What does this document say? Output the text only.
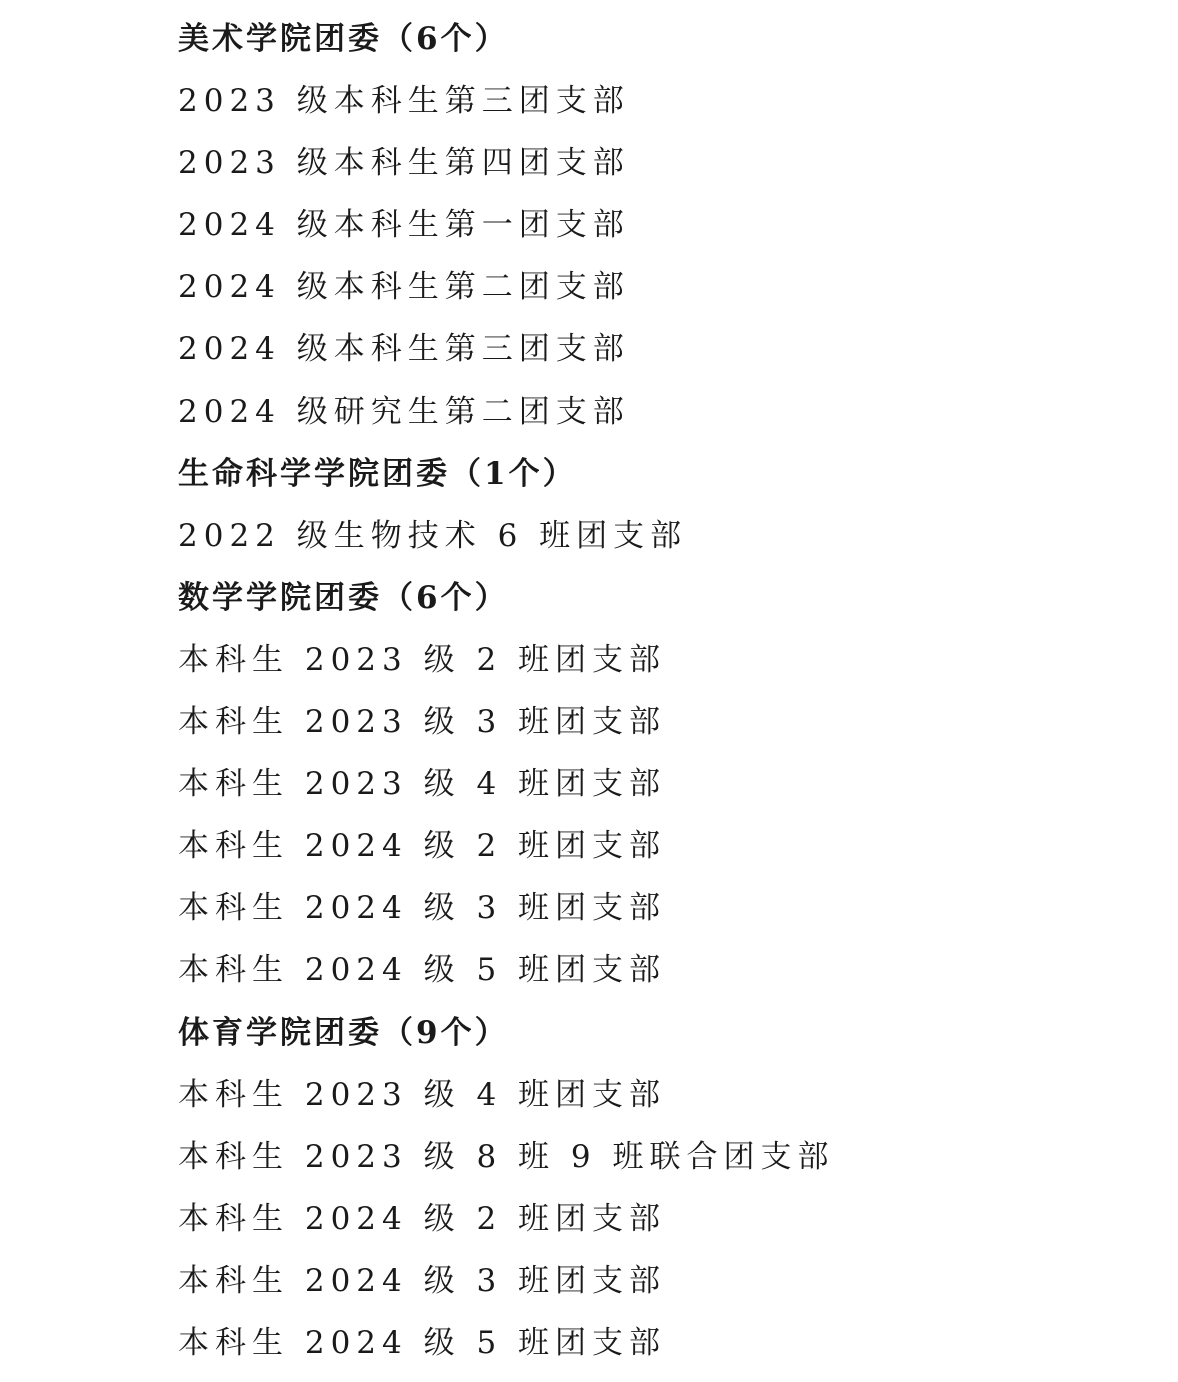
美术学院团委（6个）
2023 级本科生第三团支部
2023 级本科生第四团支部
2024 级本科生第一团支部
2024 级本科生第二团支部
2024 级本科生第三团支部
2024 级研究生第二团支部
生命科学学院团委（1个）
2022 级生物技术 6 班团支部
数学学院团委（6个）
本科生 2023 级 2 班团支部
本科生 2023 级 3 班团支部
本科生 2023 级 4 班团支部
本科生 2024 级 2 班团支部
本科生 2024 级 3 班团支部
本科生 2024 级 5 班团支部
体育学院团委（9个）
本科生 2023 级 4 班团支部
本科生 2023 级 8 班 9 班联合团支部
本科生 2024 级 2 班团支部
本科生 2024 级 3 班团支部
本科生 2024 级 5 班团支部
